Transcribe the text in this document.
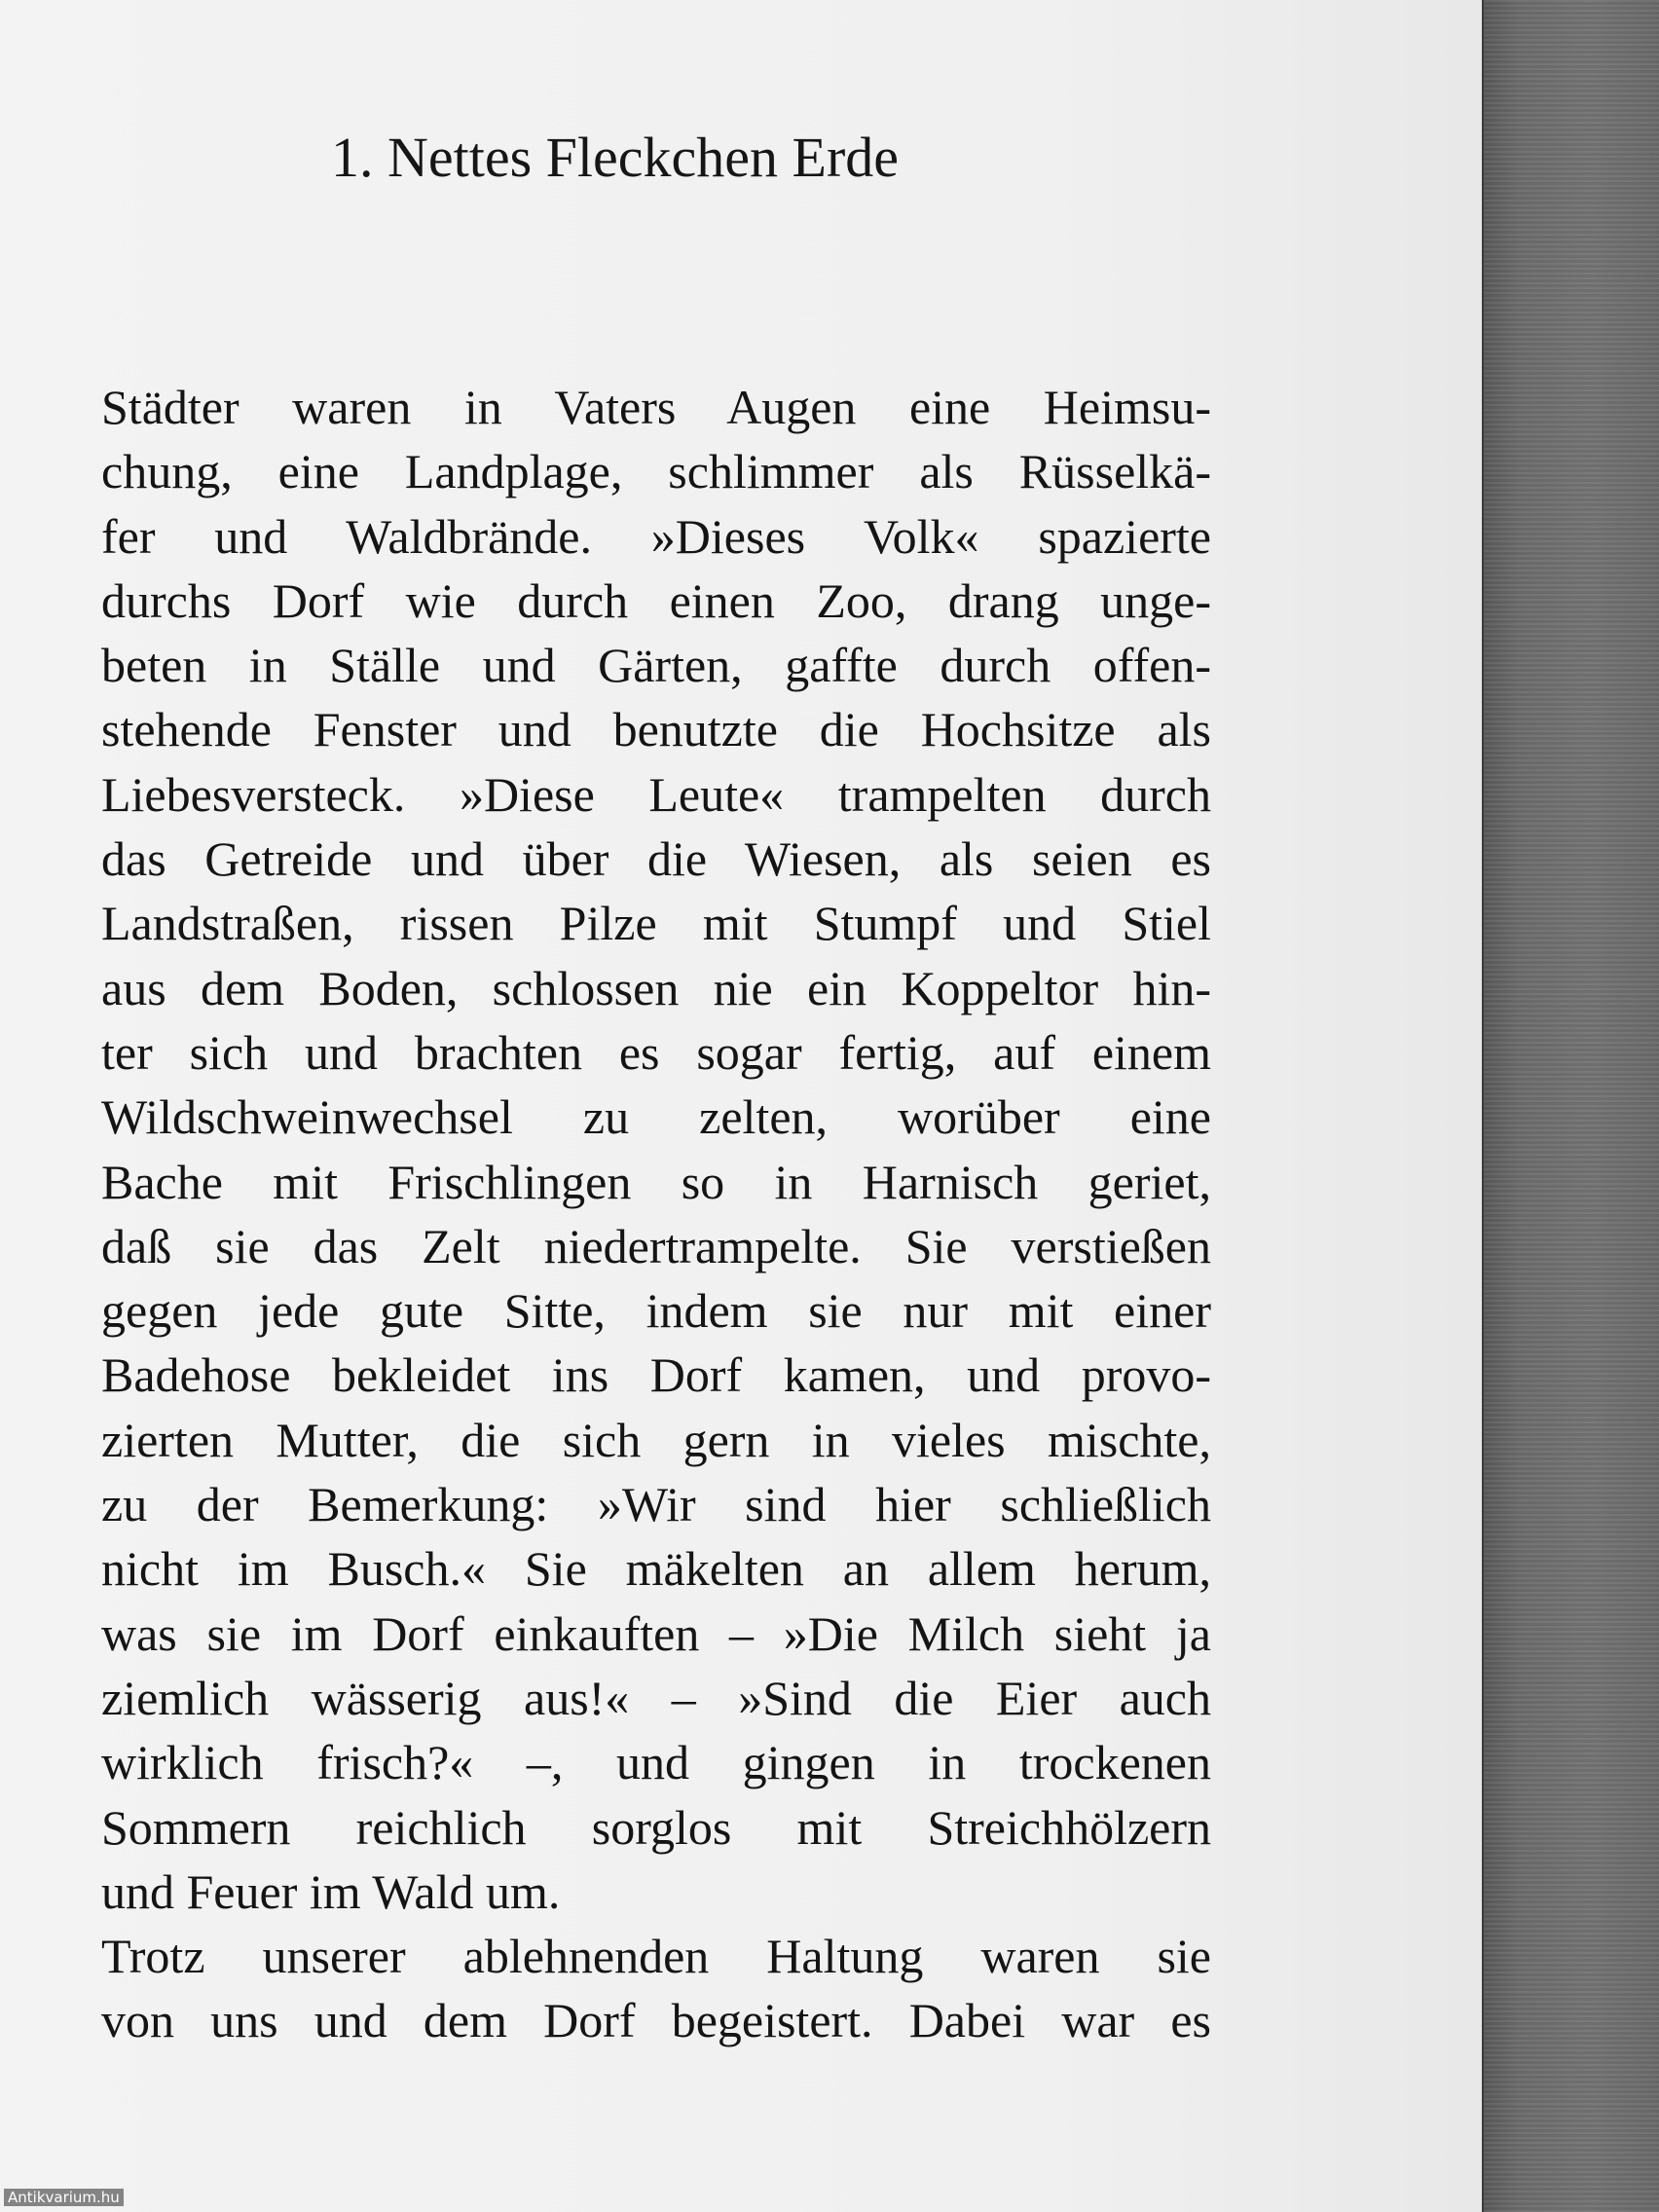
1. Nettes Fleckchen Erde
Städter waren in Vaters Augen eine Heimsu-
chung, eine Landplage, schlimmer als Rüsselkä-
fer und Waldbrände. »Dieses Volk« spazierte
durchs Dorf wie durch einen Zoo, drang unge-
beten in Ställe und Gärten, gaffte durch offen-
stehende Fenster und benutzte die Hochsitze als
Liebesversteck. »Diese Leute« trampelten durch
das Getreide und über die Wiesen, als seien es
Landstraßen, rissen Pilze mit Stumpf und Stiel
aus dem Boden, schlossen nie ein Koppeltor hin-
ter sich und brachten es sogar fertig, auf einem
Wildschweinwechsel zu zelten, worüber eine
Bache mit Frischlingen so in Harnisch geriet,
daß sie das Zelt niedertrampelte. Sie verstießen
gegen jede gute Sitte, indem sie nur mit einer
Badehose bekleidet ins Dorf kamen, und provo-
zierten Mutter, die sich gern in vieles mischte,
zu der Bemerkung: »Wir sind hier schließlich
nicht im Busch.« Sie mäkelten an allem herum,
was sie im Dorf einkauften – »Die Milch sieht ja
ziemlich wässerig aus!« – »Sind die Eier auch
wirklich frisch?« –, und gingen in trockenen
Sommern reichlich sorglos mit Streichhölzern
und Feuer im Wald um.
Trotz unserer ablehnenden Haltung waren sie
von uns und dem Dorf begeistert. Dabei war es
Antikvarium.hu
